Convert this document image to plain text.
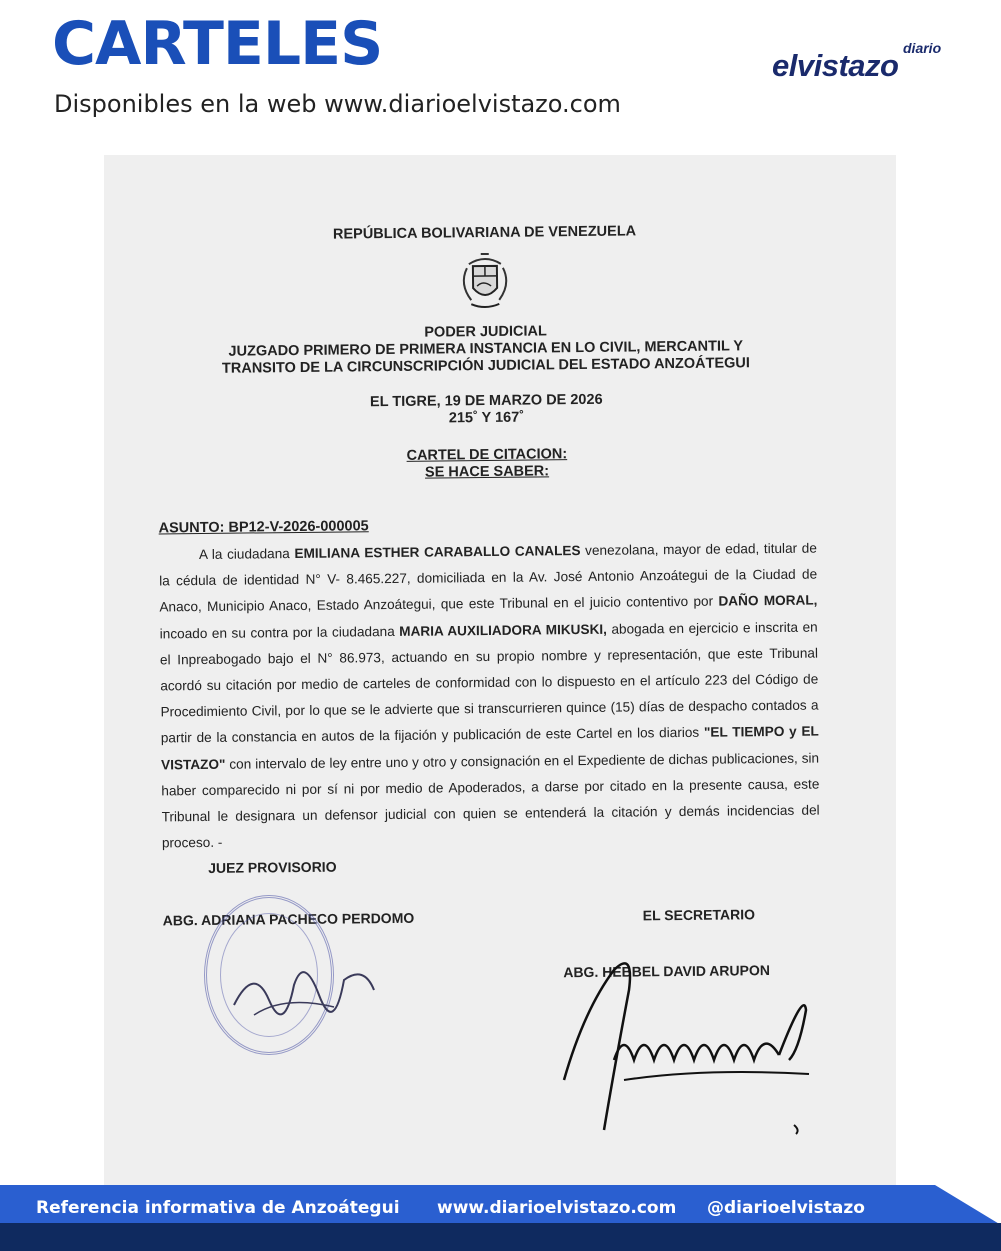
CARTELES
Disponibles en la web www.diarioelvistazo.com
diario
elvistazo
REPÚBLICA BOLIVARIANA DE VENEZUELA
PODER JUDICIAL
JUZGADO PRIMERO DE PRIMERA INSTANCIA EN LO CIVIL, MERCANTIL Y
TRANSITO DE LA CIRCUNSCRIPCIÓN JUDICIAL DEL ESTADO ANZOÁTEGUI
EL TIGRE, 19 DE MARZO DE 2026
215˚ Y 167˚
CARTEL DE CITACION:
SE HACE SABER:
ASUNTO: BP12-V-2026-000005

A la ciudadana EMILIANA ESTHER CARABALLO CANALES venezolana, mayor de edad, titular de la cédula de identidad N° V- 8.465.227, domiciliada en la Av. José Antonio Anzoátegui de la Ciudad de Anaco, Municipio Anaco, Estado Anzoátegui, que este Tribunal en el juicio contentivo por DAÑO MORAL, incoado en su contra por la ciudadana MARIA AUXILIADORA MIKUSKI, abogada en ejercicio e inscrita en el Inpreabogado bajo el N° 86.973, actuando en su propio nombre y representación, que este Tribunal acordó su citación por medio de carteles de conformidad con lo dispuesto en el artículo 223 del Código de Procedimiento Civil, por lo que se le advierte que si transcurrieren quince (15) días de despacho contados a partir de la constancia en autos de la fijación y publicación de este Cartel en los diarios "EL TIEMPO y EL VISTAZO" con intervalo de ley entre uno y otro y consignación en el Expediente de dichas publicaciones, sin haber comparecido ni por sí ni por medio de Apoderados, a darse por citado en la presente causa, este Tribunal le designara un defensor judicial con quien se entenderá la citación y demás incidencias del proceso. -

JUEZ PROVISORIO
ABG. ADRIANA PACHECO PERDOMO	EL SECRETARIO
ABG. HEBBEL DAVID ARUPON
Referencia informativa de Anzoátegui www.diarioelvistazo.com @diarioelvistazo
